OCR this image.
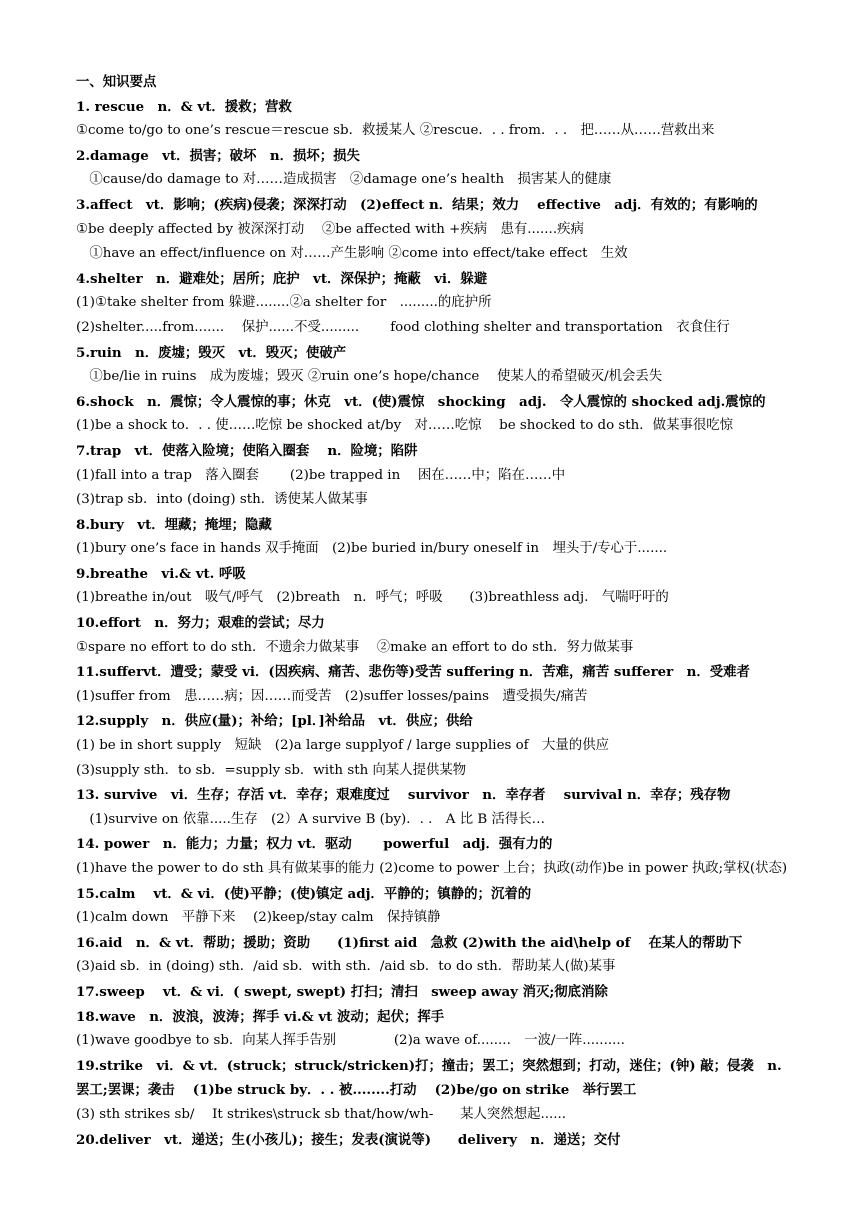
一、知识要点
1. rescue　n．& vt．援救；营救
①come to/go to one’s rescue＝rescue sb．救援某人 ②rescue．. . from．. .　把……从……营救出来
2.damage　vt．损害；破坏　n．损坏；损失
　①cause/do damage to 对……造成损害　②damage one’s health　损害某人的健康
3.affect　vt．影响；(疾病)侵袭；深深打动　(2)effect n．结果；效力　 effective　adj．有效的；有影响的
①be deeply affected by 被深深打动　 ②be affected with +疾病　患有.......疾病
　①have an effect/influence on 对……产生影响 ②come into effect/take effect　生效
4.shelter　n．避难处；居所；庇护　vt．深保护；掩蔽　vi．躲避
(1)①take shelter from 躲避........②a shelter for　.........的庇护所
(2)shelter.....from.......　 保护......不受.........　　 food clothing shelter and transportation　衣食住行
5.ruin　n．废墟；毁灭　vt．毁灭；使破产
　①be/lie in ruins　成为废墟；毁灭 ②ruin one’s hope/chance　 使某人的希望破灭/机会丢失
6.shock　n．震惊；令人震惊的事；休克　vt．(使)震惊　shocking　adj.　令人震惊的 shocked adj.震惊的
(1)be a shock to．. . 使……吃惊 be shocked at/by　对……吃惊　 be shocked to do sth．做某事很吃惊
7.trap　vt．使落入险境；使陷入圈套　 n．险境；陷阱
(1)fall into a trap　落入圈套　　 (2)be trapped in　 困在……中；陷在……中
(3)trap sb．into (doing) sth．诱使某人做某事
8.bury　vt．埋藏；掩埋；隐藏
(1)bury one’s face in hands 双手掩面　(2)be buried in/bury oneself in　埋头于/专心于.......
9.breathe　vi.& vt. 呼吸
(1)breathe in/out　吸气/呼气　(2)breath　n．呼气；呼吸　　(3)breathless adj.　气喘吁吁的
10.effort　n．努力；艰难的尝试；尽力
①spare no effort to do sth．不遗余力做某事　 ②make an effort to do sth．努力做某事
11.suffervt．遭受；蒙受 vi．(因疾病、痛苦、悲伤等)受苦 suffering n．苦难，痛苦 sufferer　n．受难者
(1)suffer from　患……病；因……而受苦　(2)suffer losses/pains　遭受损失/痛苦
12.supply　n．供应(量)；补给；[pl．]补给品　vt．供应；供给
(1) be in short supply　短缺　(2)a large supplyof / large supplies of　大量的供应
(3)supply sth．to sb．=supply sb．with sth 向某人提供某物
13. survive　vi．生存；存活 vt．幸存；艰难度过　 survivor　n．幸存者　 survival n．幸存；残存物
　(1)survive on 依靠.....生存　(2）A survive B (by)．. .　A 比 B 活得长…
14. power　n．能力；力量；权力 vt．驱动　　 powerful　adj．强有力的
(1)have the power to do sth 具有做某事的能力 (2)come to power 上台；执政(动作)be in power 执政;掌权(状态)
15.calm　 vt．& vi．(使)平静；(使)镇定 adj．平静的；镇静的；沉着的
(1)calm down　平静下来　 (2)keep/stay calm　保持镇静
16.aid　n．& vt．帮助；援助；资助　　(1)first aid　急救 (2)with the aid\help of　 在某人的帮助下
(3)aid sb．in (doing) sth．/aid sb．with sth．/aid sb．to do sth．帮助某人(做)某事
17.sweep　 vt．& vi．( swept, swept) 打扫；清扫　sweep away 消灭;彻底消除
18.wave　n．波浪，波涛；挥手 vi.& vt 波动；起伏；挥手
(1)wave goodbye to sb．向某人挥手告别　　　　 (2)a wave of........　一波/一阵..........
19.strike　vi．& vt．(struck；struck/stricken)打；撞击；罢工；突然想到；打动，迷住；(钟) 敲；侵袭　n.罢工;罢课；袭击　 (1)be struck by．. . 被........打动　 (2)be/go on strike　举行罢工
(3) sth strikes sb/　 It strikes\struck sb that/how/wh-　　某人突然想起......
20.deliver　vt．递送；生(小孩儿)；接生；发表(演说等)　　delivery　n．递送；交付
